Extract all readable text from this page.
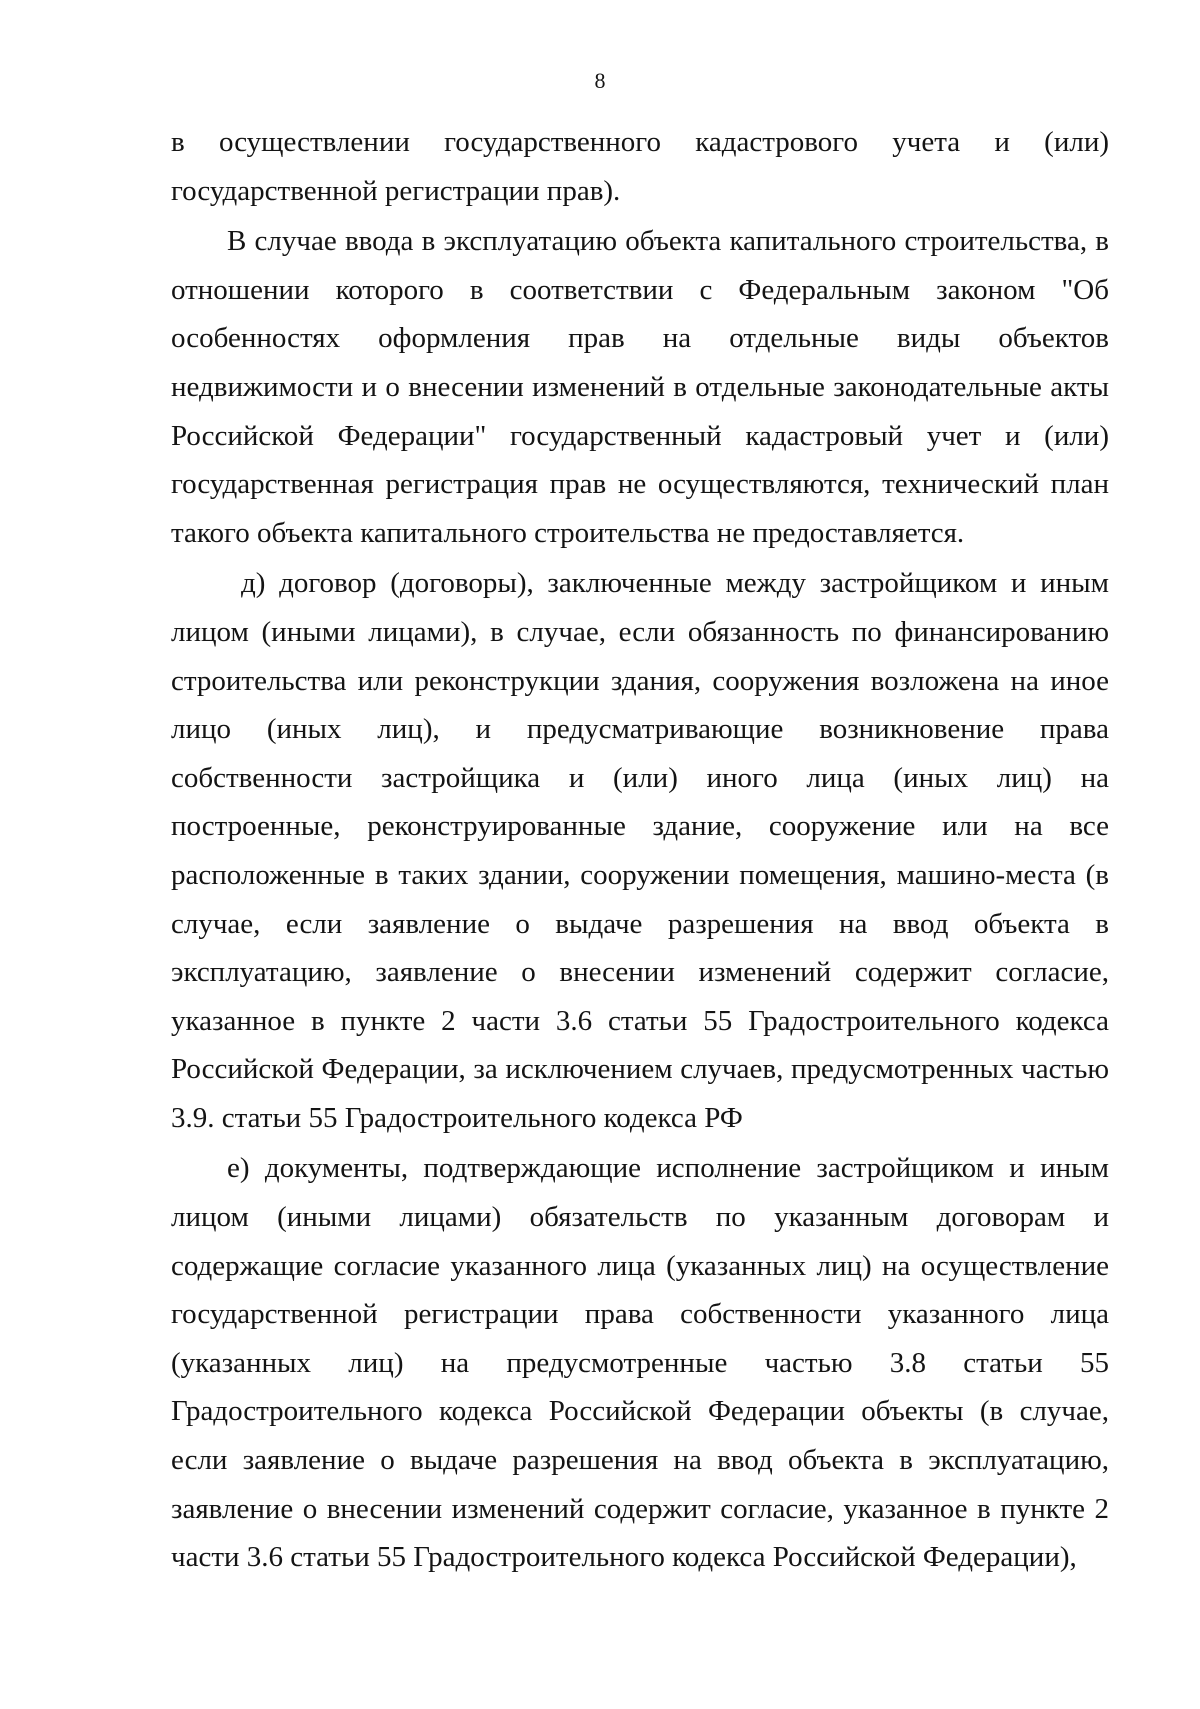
8

в осуществлении государственного кадастрового учета и (или) государственной регистрации прав).

В случае ввода в эксплуатацию объекта капитального строительства, в отношении которого в соответствии с Федеральным законом "Об особенностях оформления прав на отдельные виды объектов недвижимости и о внесении изменений в отдельные законодательные акты Российской Федерации" государственный кадастровый учет и (или) государственная регистрация прав не осуществляются, технический план такого объекта капитального строительства не предоставляется.

д) договор (договоры), заключенные между застройщиком и иным лицом (иными лицами), в случае, если обязанность по финансированию строительства или реконструкции здания, сооружения возложена на иное лицо (иных лиц), и предусматривающие возникновение права собственности застройщика и (или) иного лица (иных лиц) на построенные, реконструированные здание, сооружение или на все расположенные в таких здании, сооружении помещения, машино-места (в случае, если заявление о выдаче разрешения на ввод объекта в эксплуатацию, заявление о внесении изменений содержит согласие, указанное в пункте 2 части 3.6 статьи 55 Градостроительного кодекса Российской Федерации, за исключением случаев, предусмотренных частью 3.9. статьи 55 Градостроительного кодекса РФ

е) документы, подтверждающие исполнение застройщиком и иным лицом (иными лицами) обязательств по указанным договорам и содержащие согласие указанного лица (указанных лиц) на осуществление государственной регистрации права собственности указанного лица (указанных лиц) на предусмотренные частью 3.8 статьи 55 Градостроительного кодекса Российской Федерации объекты (в случае, если заявление о выдаче разрешения на ввод объекта в эксплуатацию, заявление о внесении изменений содержит согласие, указанное в пункте 2 части 3.6 статьи 55 Градостроительного кодекса Российской Федерации),
